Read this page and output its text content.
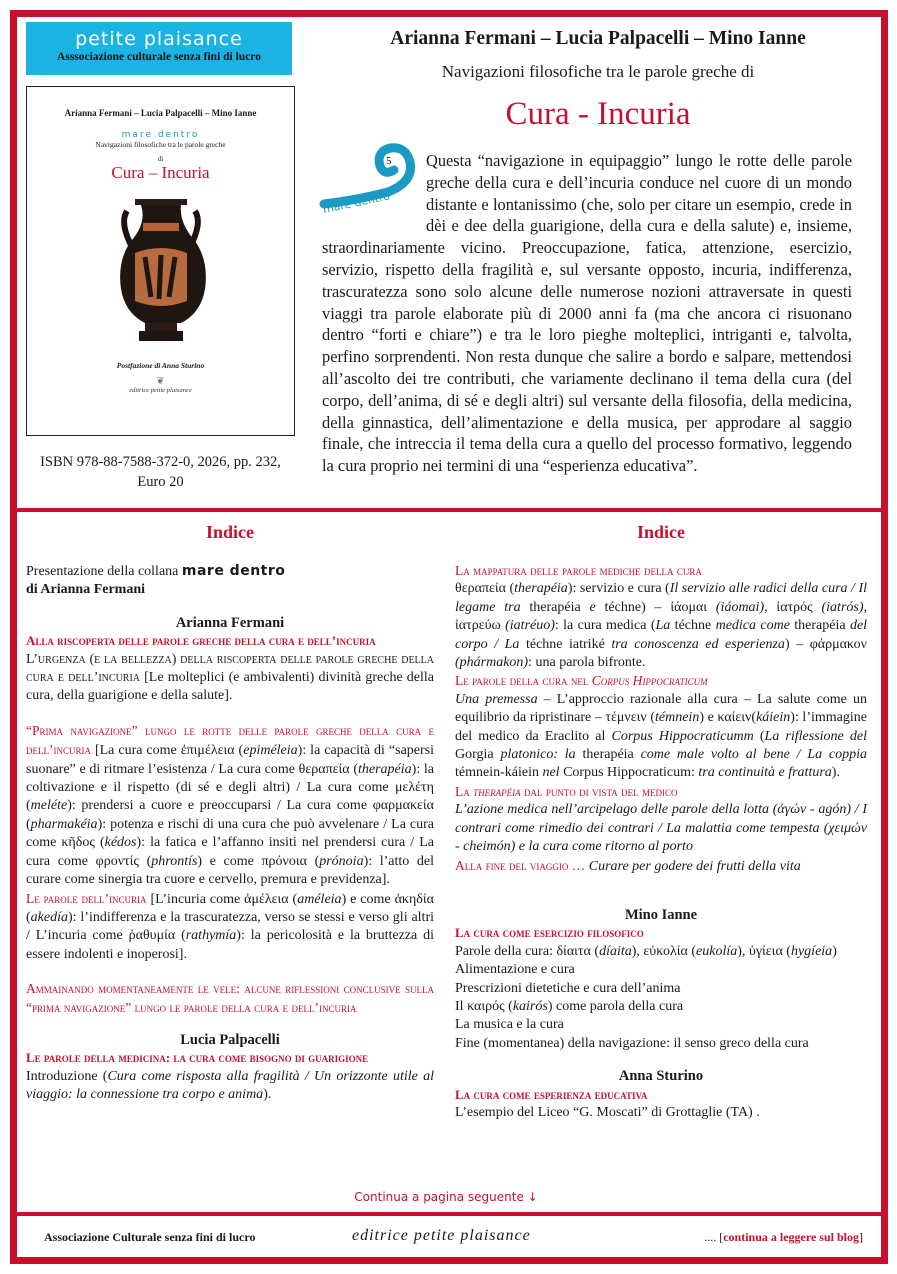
petite plaisance
Asssociazione culturale senza fini di lucro
Arianna Fermani – Lucia Palpacelli – Mino Ianne
mare dentro
Navigazioni filosofiche tra le parole greche
di
Cura – Incuria
Postfazione di Anna Sturino
❦
editrice petite plaisance
ISBN 978-88-7588-372-0, 2026, pp. 232,
Euro 20
Arianna Fermani – Lucia Palpacelli – Mino Ianne
Navigazioni filosofiche tra le parole greche di
Cura - Incuria
5
mare dentro
Questa “navigazione in equipaggio” lungo le rotte delle parole greche della cura e dell’incuria conduce nel cuore di un mondo distante e lontanissimo (che, solo per citare un esempio, crede in dèi e dee della guarigione, della cura e della salute) e, insieme, straordinariamente vicino. Preoccupazione, fatica, attenzione, esercizio, servizio, rispetto della fragilità e, sul versante opposto, incuria, indifferenza, trascuratezza sono solo alcune delle numerose nozioni attraversate in questi viaggi tra parole elaborate più di 2000 anni fa (ma che ancora ci risuonano dentro “forti e chiare”) e tra le loro pieghe molteplici, intriganti e, talvolta, perfino sorprendenti. Non resta dunque che salire a bordo e salpare, mettendosi all’ascolto dei tre contributi, che variamente declinano il tema della cura (del corpo, dell’anima, di sé e degli altri) sul versante della filosofia, della medicina, della ginnastica, dell’alimentazione e della musica, per approdare al saggio finale, che intreccia il tema della cura a quello del processo formativo, leggendo la cura proprio nei termini di una “esperienza educativa”.
Indice
Presentazione della collana mare dentro
di Arianna Fermani
Arianna Fermani
Alla riscoperta delle parole greche della cura e dell’incuria
L’urgenza (e la bellezza) della riscoperta delle parole greche della cura e dell’incuria [Le molteplici (e ambivalenti) divinità greche della cura, della guarigione e della salute].
“Prima navigazione” lungo le rotte delle parole greche della cura e dell’incuria [La cura come ἐπιμέλεια (epiméleia): la capacità di “sapersi suonare” e di ritmare l’esistenza / La cura come θεραπεία (therapéia): la coltivazione e il rispetto (di sé e degli altri) / La cura come μελέτη (meléte): prendersi a cuore e preoccuparsi / La cura come φαρμακεία (pharmakéia): potenza e rischi di una cura che può avvelenare / La cura come κῆδος (kédos): la fatica e l’affanno insiti nel prendersi cura / La cura come φροντίς (phrontís) e come πρόνοια (prónoia): l’atto del curare come sinergia tra cuore e cervello, premura e previdenza].
Le parole dell’incuria [L’incuria come ἀμέλεια (améleia) e come ἀκηδία (akedía): l’indifferenza e la trascuratezza, verso se stessi e verso gli altri / L’incuria come ῥαθυμία (rathymía): la pericolosità e la bruttezza di essere indolenti e inoperosi].
Ammainando momentaneamente le vele: alcune riflessioni conclusive sulla “prima navigazione” lungo le parole della cura e dell’incuria
Lucia Palpacelli
Le parole della medicina: la cura come bisogno di guarigione
Introduzione (Cura come risposta alla fragilità / Un orizzonte utile al viaggio: la connessione tra corpo e anima).
Indice
La mappatura delle parole mediche della cura
θεραπεία (therapéia): servizio e cura (Il servizio alle radici della cura / Il legame tra therapéia e téchne) – ἰάομαι (iáomai), ἰατρός (iatrós), ἰατρεύω (iatréuo): la cura medica (La téchne medica come therapéia del corpo / La téchne iatriké tra conoscenza ed esperienza) – φάρμακον (phármakon): una parola bifronte.
Le parole della cura nel Corpus Hippocraticum
Una premessa – L’approccio razionale alla cura – La salute come un equilibrio da ripristinare – τέμνειν (témnein) e καίειν(káiein): l’immagine del medico da Eraclito al Corpus Hippocraticumm (La riflessione del Gorgia platonico: la therapéia come male volto al bene / La coppia témnein-káiein nel Corpus Hippocraticum: tra continuità e frattura).
La therapéia dal punto di vista del medico
L’azione medica nell’arcipelago delle parole della lotta (ἀγών - agón) / I contrari come rimedio dei contrari / La malattia come tempesta (χειμών - cheimón) e la cura come ritorno al porto
Alla fine del viaggio … Curare per godere dei frutti della vita
Mino Ianne
La cura come esercizio filosofico
Parole della cura: δίαιτα (díaita), εὐκολία (eukolía), ὑγίεια (hygíeia)
Alimentazione e cura
Prescrizioni dietetiche e cura dell’anima
Il καιρός (kairós) come parola della cura
La musica e la cura
Fine (momentanea) della navigazione: il senso greco della cura
Anna Sturino
La cura come esperienza educativa
L’esempio del Liceo “G. Moscati” di Grottaglie (TA) .
Continua a pagina seguente ↓
Associazione Culturale senza fini di lucro	editrice petite plaisance	.... [continua a leggere sul blog]
